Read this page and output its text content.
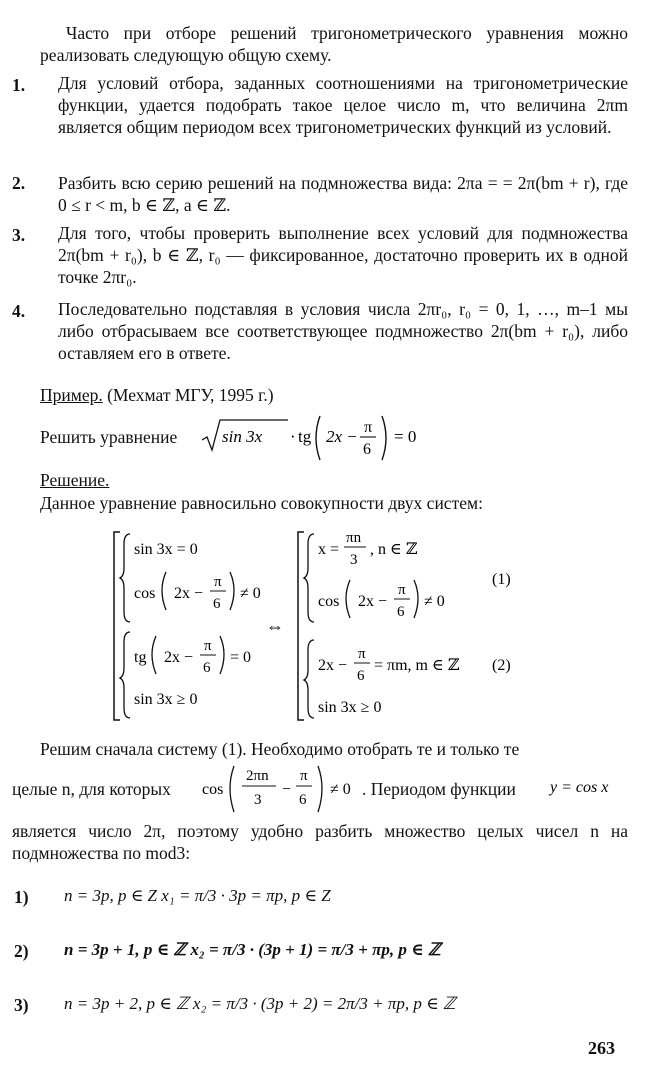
Часто при отборе решений тригонометрического уравнения можно реализовать следующую общую схему.

1. Для условий отбора, заданных соотношениями на тригонометрические функции, удается подобрать такое целое число m, что величина 2πm является общим периодом всех тригонометрических функций из условий.
2. Разбить всю серию решений на подмножества вида: 2πa = = 2π(bm + r), где 0 ≤ r < m, b ∈ ℤ, a ∈ ℤ.
3. Для того, чтобы проверить выполнение всех условий для подмножества 2π(bm + r₀), b ∈ ℤ, r₀ — фиксированное, достаточно проверить их в одной точке 2πr₀.
4. Последовательно подставляя в условия числа 2πr₀, r₀ = 0, 1, …, m–1 мы либо отбрасываем все соответствующее подмножество 2π(bm + r₀), либо оставляем его в ответе.
Пример. (Мехмат МГУ, 1995 г.)
Решить уравнение	sin 3x · tg 2x − π
6
= 0
Решение.
Данное уравнение равносильно совокупности двух систем:
sin 3x = 0
cos 2x −
π
6
≠ 0
tg 2x −
π
6
= 0
sin 3x ≥ 0
⇔
x =
πn
3
, n ∈ ℤ
cos 2x −
π
6
≠ 0
(1)
2x −
π
6
= πm, m ∈ ℤ (2)
sin 3x ≥ 0
Решим сначала систему (1). Необходимо отобрать те и только те
целые n, для которых cos
2πn
3
−
π
6
≠ 0 . Периодом функции y = cos x
является число 2π, поэтому удобно разбить множество целых чисел n на подмножества по mod3:
1) n = 3p, p ∈ Z x₁ = π/3 · 3p = πp, p ∈ Z
2) n = 3p + 1, p ∈ ℤ x₂ = π/3 · (3p + 1) = π/3 + πp, p ∈ ℤ
3) n = 3p + 2, p ∈ ℤ x₂ = π/3 · (3p + 2) = 2π/3 + πp, p ∈ ℤ
263
